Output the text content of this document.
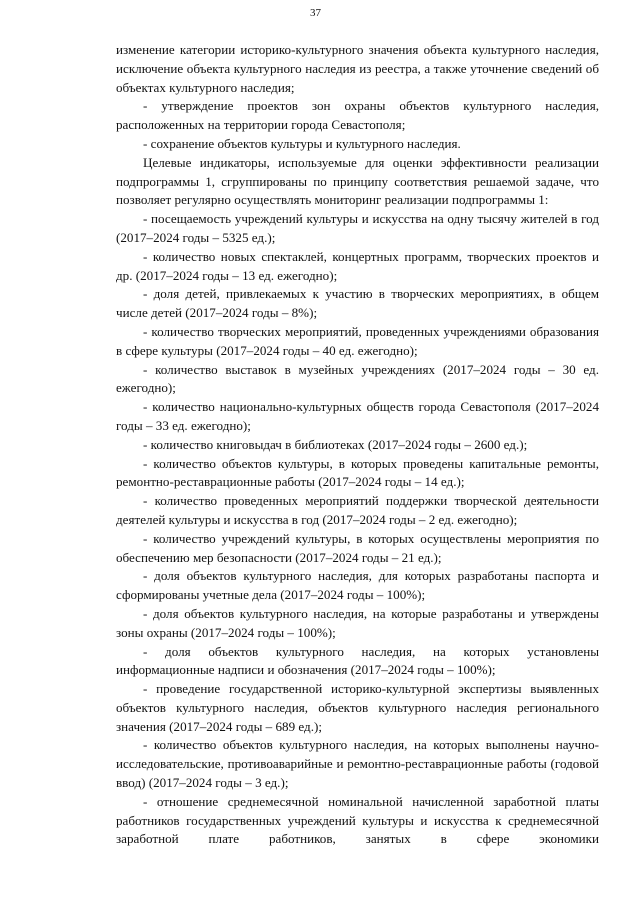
37

изменение категории историко-культурного значения объекта культурного наследия, исключение объекта культурного наследия из реестра, а также уточнение сведений об объектах культурного наследия;

- утверждение проектов зон охраны объектов культурного наследия, расположенных на территории города Севастополя;

- сохранение объектов культуры и культурного наследия.

Целевые индикаторы, используемые для оценки эффективности реализации подпрограммы 1, сгруппированы по принципу соответствия решаемой задаче, что позволяет регулярно осуществлять мониторинг реализации подпрограммы 1:

- посещаемость учреждений культуры и искусства на одну тысячу жителей в год (2017–2024 годы – 5325 ед.);

- количество новых спектаклей, концертных программ, творческих проектов и др. (2017–2024 годы – 13 ед. ежегодно);

- доля детей, привлекаемых к участию в творческих мероприятиях, в общем числе детей (2017–2024 годы – 8%);

- количество творческих мероприятий, проведенных учреждениями образования в сфере культуры (2017–2024 годы – 40 ед. ежегодно);

- количество выставок в музейных учреждениях (2017–2024 годы – 30 ед. ежегодно);

- количество национально-культурных обществ города Севастополя (2017–2024 годы – 33 ед. ежегодно);

- количество книговыдач в библиотеках (2017–2024 годы – 2600 ед.);

- количество объектов культуры, в которых проведены капитальные ремонты, ремонтно-реставрационные работы (2017–2024 годы – 14 ед.);

- количество проведенных мероприятий поддержки творческой деятельности деятелей культуры и искусства в год (2017–2024 годы – 2 ед. ежегодно);

- количество учреждений культуры, в которых осуществлены мероприятия по обеспечению мер безопасности (2017–2024 годы – 21 ед.);

- доля объектов культурного наследия, для которых разработаны паспорта и сформированы учетные дела (2017–2024 годы – 100%);

- доля объектов культурного наследия, на которые разработаны и утверждены зоны охраны (2017–2024 годы – 100%);

- доля объектов культурного наследия, на которых установлены информационные надписи и обозначения (2017–2024 годы – 100%);

- проведение государственной историко-культурной экспертизы выявленных объектов культурного наследия, объектов культурного наследия регионального значения (2017–2024 годы – 689 ед.);

- количество объектов культурного наследия, на которых выполнены научно-исследовательские, противоаварийные и ремонтно-реставрационные работы (годовой ввод) (2017–2024 годы – 3 ед.);

- отношение среднемесячной номинальной начисленной заработной платы работников государственных учреждений культуры и искусства к среднемесячной заработной плате работников, занятых в сфере экономики
